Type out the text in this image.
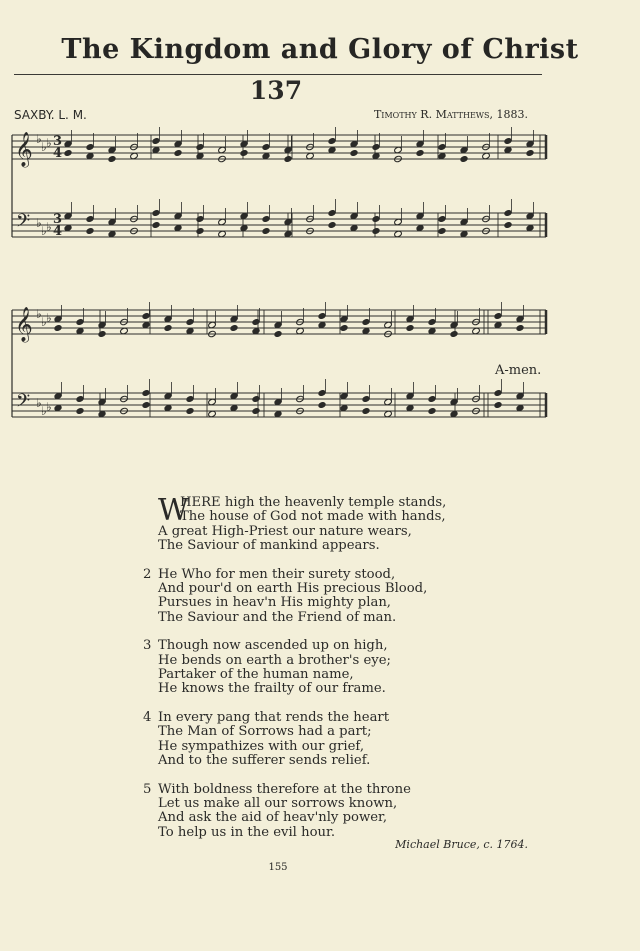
The Kingdom and Glory of Christ
137
SAXBY. L. M.	Timothy R. Matthews, 1883.
𝄞
𝄢
♭
♭
♭
♭
♭
♭
3
3
4
4
𝄞
𝄢
♭
♭
♭
♭
♭
♭
A-men.
W
HERE high the heavenly temple stands,
The house of God not made with hands,
A great High-Priest our nature wears,
The Saviour of mankind appears.
2 He Who for men their surety stood,
And pour'd on earth His precious Blood,
Pursues in heav'n His mighty plan,
The Saviour and the Friend of man.
3 Though now ascended up on high,
He bends on earth a brother's eye;
Partaker of the human name,
He knows the frailty of our frame.
4 In every pang that rends the heart
The Man of Sorrows had a part;
He sympathizes with our grief,
And to the sufferer sends relief.
5 With boldness therefore at the throne
Let us make all our sorrows known,
And ask the aid of heav'nly power,
To help us in the evil hour.
Michael Bruce, c. 1764.
155
